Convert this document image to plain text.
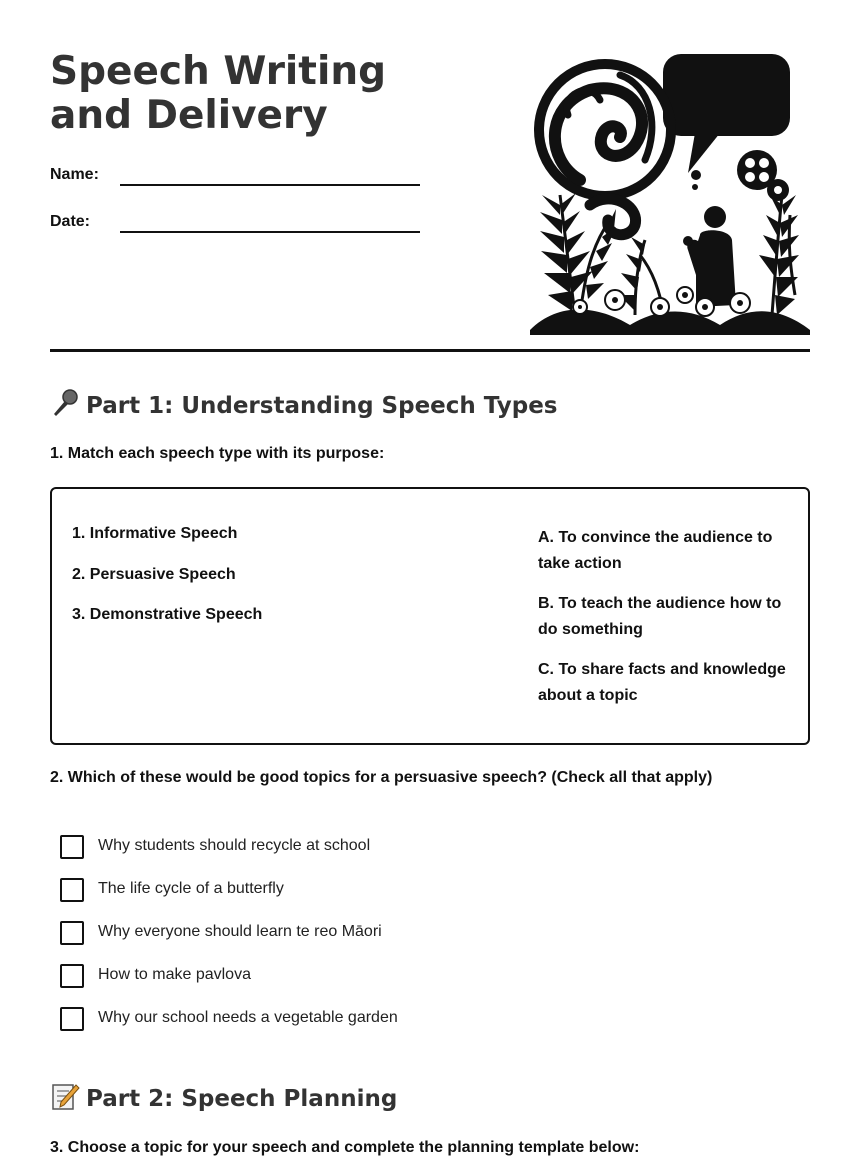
Speech Writing and Delivery
Name:
Date:
Part 1: Understanding Speech Types
1. Match each speech type with its purpose:
1. Informative Speech
2. Persuasive Speech
3. Demonstrative Speech
A. To convince the audience to take action
B. To teach the audience how to do something
C. To share facts and knowledge about a topic
2. Which of these would be good topics for a persuasive speech? (Check all that apply)
Why students should recycle at school
The life cycle of a butterfly
Why everyone should learn te reo Māori
How to make pavlova
Why our school needs a vegetable garden
Part 2: Speech Planning
3. Choose a topic for your speech and complete the planning template below:
